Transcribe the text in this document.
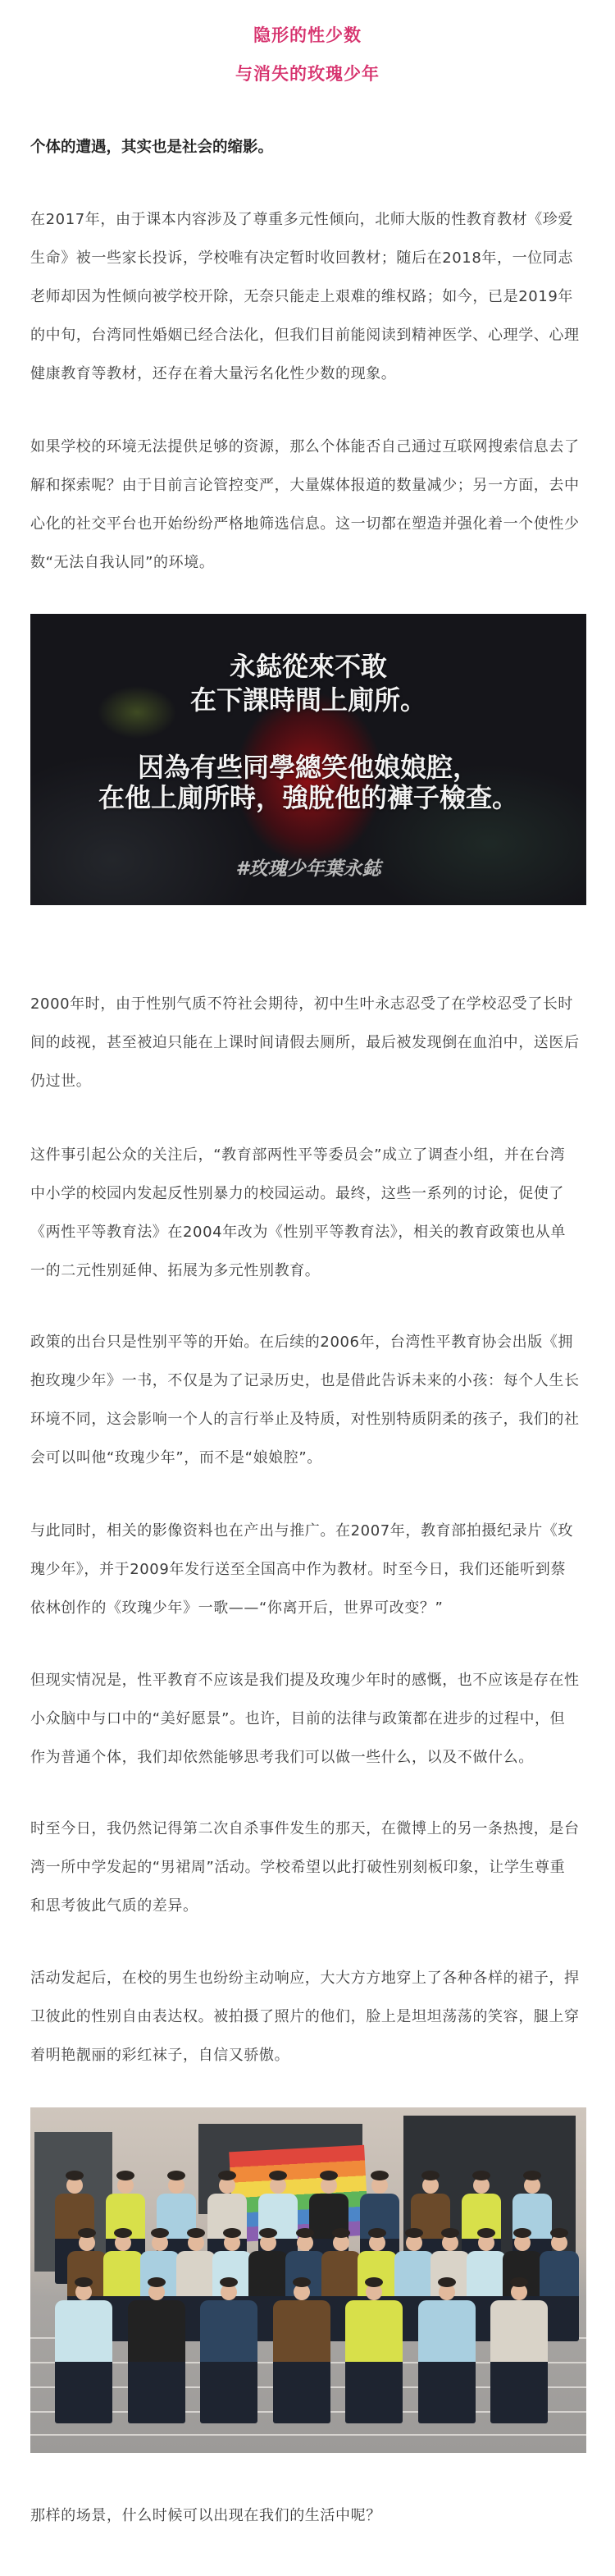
隐形的性少数
与消失的玫瑰少年
个体的遭遇，其实也是社会的缩影。
在2017年，由于课本内容涉及了尊重多元性倾向，北师大版的性教育教材《珍爱
生命》被一些家长投诉，学校唯有决定暂时收回教材；随后在2018年，一位同志
老师却因为性倾向被学校开除，无奈只能走上艰难的维权路；如今，已是2019年
的中旬，台湾同性婚姻已经合法化，但我们目前能阅读到精神医学、心理学、心理
健康教育等教材，还存在着大量污名化性少数的现象。
如果学校的环境无法提供足够的资源，那么个体能否自己通过互联网搜索信息去了
解和探索呢？由于目前言论管控变严，大量媒体报道的数量减少；另一方面，去中
心化的社交平台也开始纷纷严格地筛选信息。这一切都在塑造并强化着一个使性少
数“无法自我认同”的环境。
永鋕從來不敢
在下課時間上廁所。
因為有些同學總笑他娘娘腔，
在他上廁所時，強脫他的褲子檢查。
#玫瑰少年葉永鋕
2000年时，由于性别气质不符社会期待，初中生叶永志忍受了在学校忍受了长时
间的歧视，甚至被迫只能在上课时间请假去厕所，最后被发现倒在血泊中，送医后
仍过世。
这件事引起公众的关注后，“教育部两性平等委员会”成立了调查小组，并在台湾
中小学的校园内发起反性别暴力的校园运动。最终，这些一系列的讨论，促使了
《两性平等教育法》在2004年改为《性别平等教育法》，相关的教育政策也从单
一的二元性别延伸、拓展为多元性别教育。
政策的出台只是性别平等的开始。在后续的2006年，台湾性平教育协会出版《拥
抱玫瑰少年》一书，不仅是为了记录历史，也是借此告诉未来的小孩：每个人生长
环境不同，这会影响一个人的言行举止及特质，对性别特质阴柔的孩子，我们的社
会可以叫他“玫瑰少年”，而不是“娘娘腔”。
与此同时，相关的影像资料也在产出与推广。在2007年，教育部拍摄纪录片《玫
瑰少年》，并于2009年发行送至全国高中作为教材。时至今日，我们还能听到蔡
依林创作的《玫瑰少年》一歌——“你离开后，世界可改变？”
但现实情况是，性平教育不应该是我们提及玫瑰少年时的感慨，也不应该是存在性
小众脑中与口中的“美好愿景”。也许，目前的法律与政策都在进步的过程中，但
作为普通个体，我们却依然能够思考我们可以做一些什么，以及不做什么。
时至今日，我仍然记得第二次自杀事件发生的那天，在微博上的另一条热搜，是台
湾一所中学发起的“男裙周”活动。学校希望以此打破性别刻板印象，让学生尊重
和思考彼此气质的差异。
活动发起后，在校的男生也纷纷主动响应，大大方方地穿上了各种各样的裙子，捍
卫彼此的性别自由表达权。被拍摄了照片的他们，脸上是坦坦荡荡的笑容，腿上穿
着明艳靓丽的彩红袜子，自信又骄傲。
那样的场景，什么时候可以出现在我们的生活中呢？
